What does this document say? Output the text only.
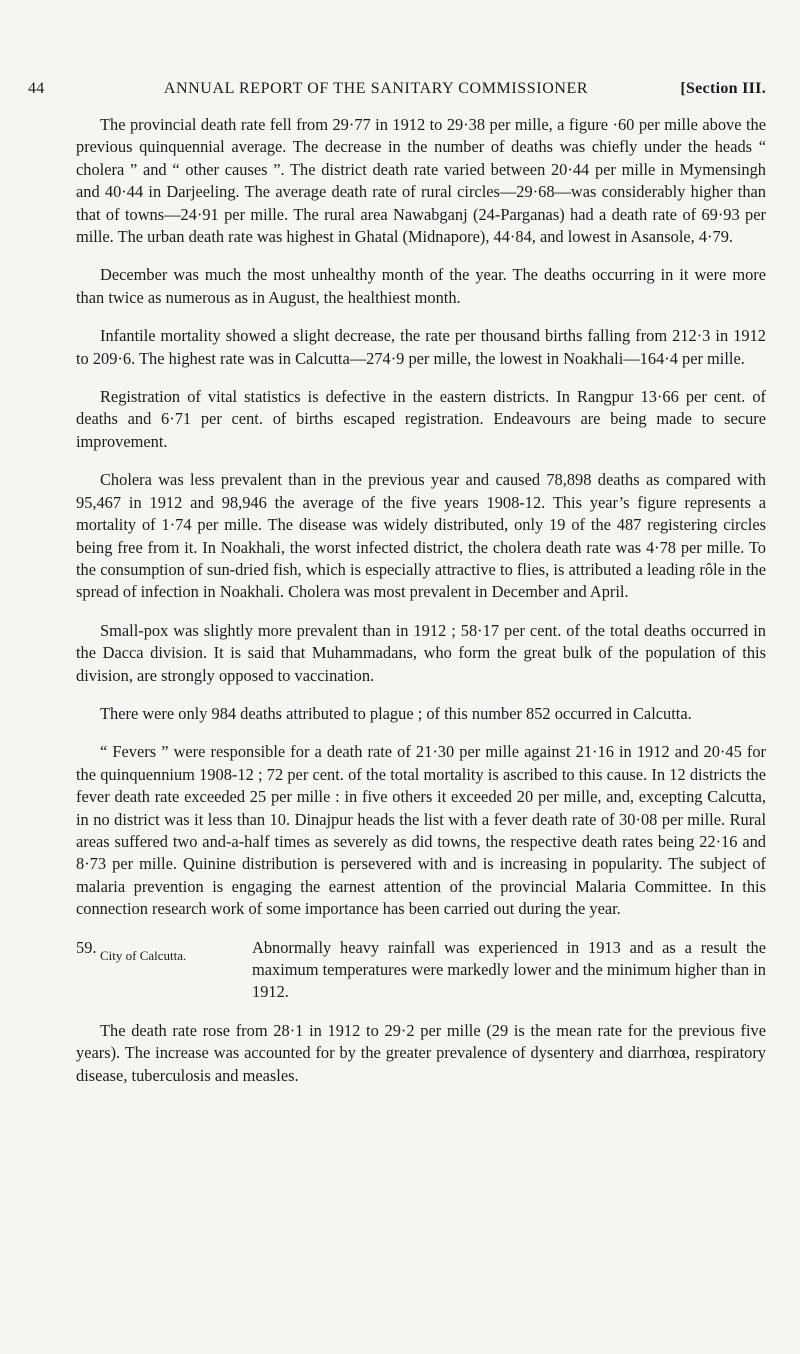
44	ANNUAL REPORT OF THE SANITARY COMMISSIONER	[Section III.

The provincial death rate fell from 29·77 in 1912 to 29·38 per mille, a figure ·60 per mille above the previous quinquennial average. The decrease in the number of deaths was chiefly under the heads “ cholera ” and “ other causes ”. The district death rate varied between 20·44 per mille in Mymensingh and 40·44 in Darjeeling. The average death rate of rural circles—29·68—was considerably higher than that of towns—24·91 per mille. The rural area Nawabganj (24-Parganas) had a death rate of 69·93 per mille. The urban death rate was highest in Ghatal (Midnapore), 44·84, and lowest in Asansole, 4·79.

December was much the most unhealthy month of the year. The deaths occurring in it were more than twice as numerous as in August, the healthiest month.

Infantile mortality showed a slight decrease, the rate per thousand births falling from 212·3 in 1912 to 209·6. The highest rate was in Calcutta—274·9 per mille, the lowest in Noakhali—164·4 per mille.

Registration of vital statistics is defective in the eastern districts. In Rangpur 13·66 per cent. of deaths and 6·71 per cent. of births escaped registration. Endeavours are being made to secure improvement.

Cholera was less prevalent than in the previous year and caused 78,898 deaths as compared with 95,467 in 1912 and 98,946 the average of the five years 1908-12. This year’s figure represents a mortality of 1·74 per mille. The disease was widely distributed, only 19 of the 487 registering circles being free from it. In Noakhali, the worst infected district, the cholera death rate was 4·78 per mille. To the consumption of sun-dried fish, which is especially attractive to flies, is attributed a leading rôle in the spread of infection in Noakhali. Cholera was most prevalent in December and April.

Small-pox was slightly more prevalent than in 1912 ; 58·17 per cent. of the total deaths occurred in the Dacca division. It is said that Muhammadans, who form the great bulk of the population of this division, are strongly opposed to vaccination.

There were only 984 deaths attributed to plague ; of this number 852 occurred in Calcutta.

“ Fevers ” were responsible for a death rate of 21·30 per mille against 21·16 in 1912 and 20·45 for the quinquennium 1908-12 ; 72 per cent. of the total mortality is ascribed to this cause. In 12 districts the fever death rate exceeded 25 per mille : in five others it exceeded 20 per mille, and, excepting Calcutta, in no district was it less than 10. Dinajpur heads the list with a fever death rate of 30·08 per mille. Rural areas suffered two and-a-half times as severely as did towns, the respective death rates being 22·16 and 8·73 per mille. Quinine distribution is persevered with and is increasing in popularity. The subject of malaria prevention is engaging the earnest attention of the provincial Malaria Committee. In this connection research work of some importance has been carried out during the year.

59. City of Calcutta.	Abnormally heavy rainfall was experienced in 1913 and as a result the maximum temperatures were markedly lower and the minimum higher than in 1912.

The death rate rose from 28·1 in 1912 to 29·2 per mille (29 is the mean rate for the previous five years). The increase was accounted for by the greater prevalence of dysentery and diarrhœa, respiratory disease, tuberculosis and measles.
